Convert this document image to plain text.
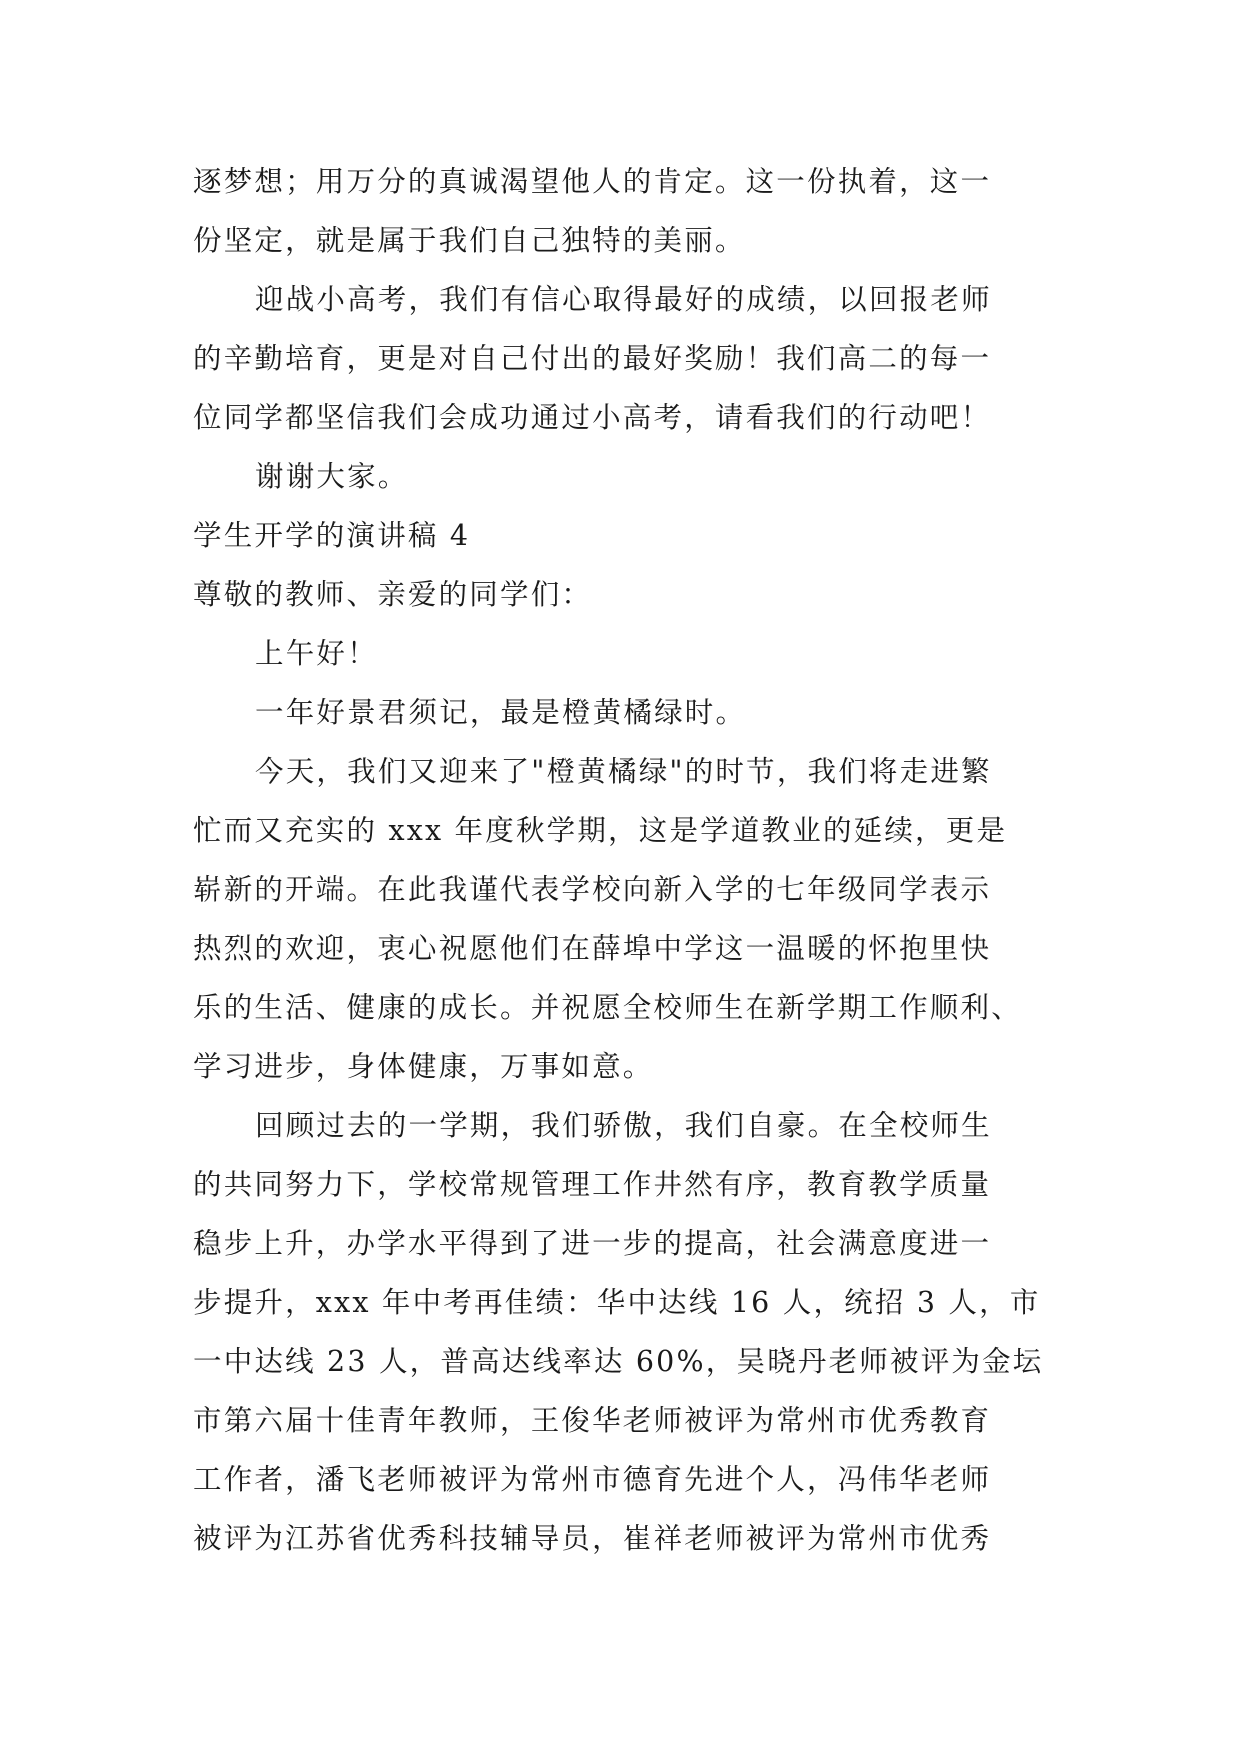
逐梦想；用万分的真诚渴望他人的肯定。这一份执着，这一
份坚定，就是属于我们自己独特的美丽。
迎战小高考，我们有信心取得最好的成绩，以回报老师
的辛勤培育，更是对自己付出的最好奖励！我们高二的每一
位同学都坚信我们会成功通过小高考，请看我们的行动吧！
谢谢大家。
学生开学的演讲稿 4
尊敬的教师、亲爱的同学们：
上午好！
一年好景君须记，最是橙黄橘绿时。
今天，我们又迎来了"橙黄橘绿"的时节，我们将走进繁
忙而又充实的 xxx 年度秋学期，这是学道教业的延续，更是
崭新的开端。在此我谨代表学校向新入学的七年级同学表示
热烈的欢迎，衷心祝愿他们在薛埠中学这一温暖的怀抱里快
乐的生活、健康的成长。并祝愿全校师生在新学期工作顺利、
学习进步，身体健康，万事如意。
回顾过去的一学期，我们骄傲，我们自豪。在全校师生
的共同努力下，学校常规管理工作井然有序，教育教学质量
稳步上升，办学水平得到了进一步的提高，社会满意度进一
步提升，xxx 年中考再佳绩：华中达线 16 人，统招 3 人，市
一中达线 23 人，普高达线率达 60%，吴晓丹老师被评为金坛
市第六届十佳青年教师，王俊华老师被评为常州市优秀教育
工作者，潘飞老师被评为常州市德育先进个人，冯伟华老师
被评为江苏省优秀科技辅导员，崔祥老师被评为常州市优秀
